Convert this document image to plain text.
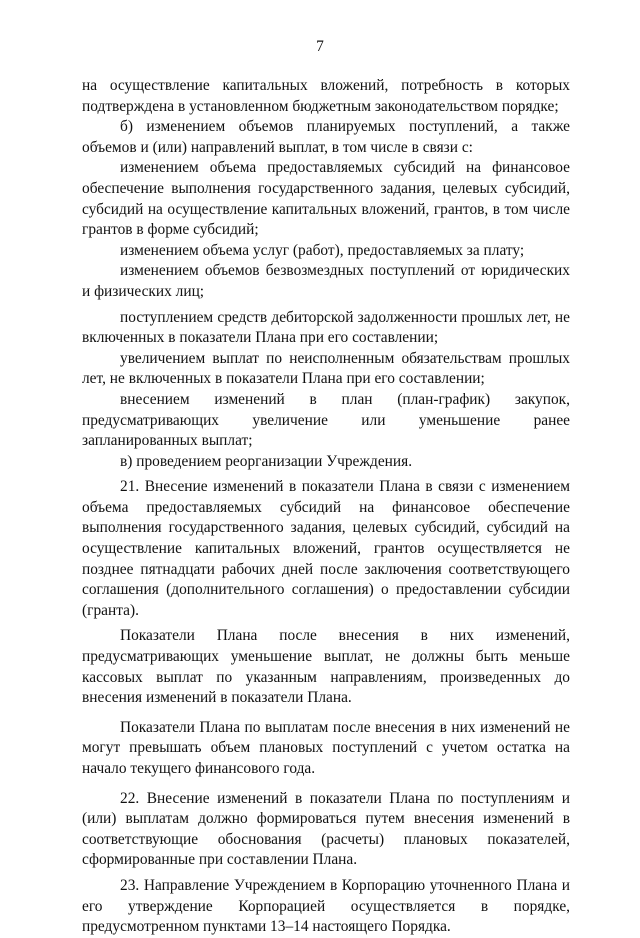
7

на осуществление капитальных вложений, потребность в которых подтверждена в установленном бюджетным законодательством порядке;

б) изменением объемов планируемых поступлений, а также объемов и (или) направлений выплат, в том числе в связи с:

изменением объема предоставляемых субсидий на финансовое обеспечение выполнения государственного задания, целевых субсидий, субсидий на осуществление капитальных вложений, грантов, в том числе грантов в форме субсидий;

изменением объема услуг (работ), предоставляемых за плату;

изменением объемов безвозмездных поступлений от юридических и физических лиц;

поступлением средств дебиторской задолженности прошлых лет, не включенных в показатели Плана при его составлении;

увеличением выплат по неисполненным обязательствам прошлых лет, не включенных в показатели Плана при его составлении;

внесением изменений в план (план-график) закупок, предусматривающих увеличение или уменьшение ранее запланированных выплат;

в) проведением реорганизации Учреждения.

21. Внесение изменений в показатели Плана в связи с изменением объема предоставляемых субсидий на финансовое обеспечение выполнения государственного задания, целевых субсидий, субсидий на осуществление капитальных вложений, грантов осуществляется не позднее пятнадцати рабочих дней после заключения соответствующего соглашения (дополнительного соглашения) о предоставлении субсидии (гранта).

Показатели Плана после внесения в них изменений, предусматривающих уменьшение выплат, не должны быть меньше кассовых выплат по указанным направлениям, произведенных до внесения изменений в показатели Плана.

Показатели Плана по выплатам после внесения в них изменений не могут превышать объем плановых поступлений с учетом остатка на начало текущего финансового года.

22. Внесение изменений в показатели Плана по поступлениям и (или) выплатам должно формироваться путем внесения изменений в соответствующие обоснования (расчеты) плановых показателей, сформированные при составлении Плана.

23. Направление Учреждением в Корпорацию уточненного Плана и его утверждение Корпорацией осуществляется в порядке, предусмотренном пунктами 13–14 настоящего Порядка.
